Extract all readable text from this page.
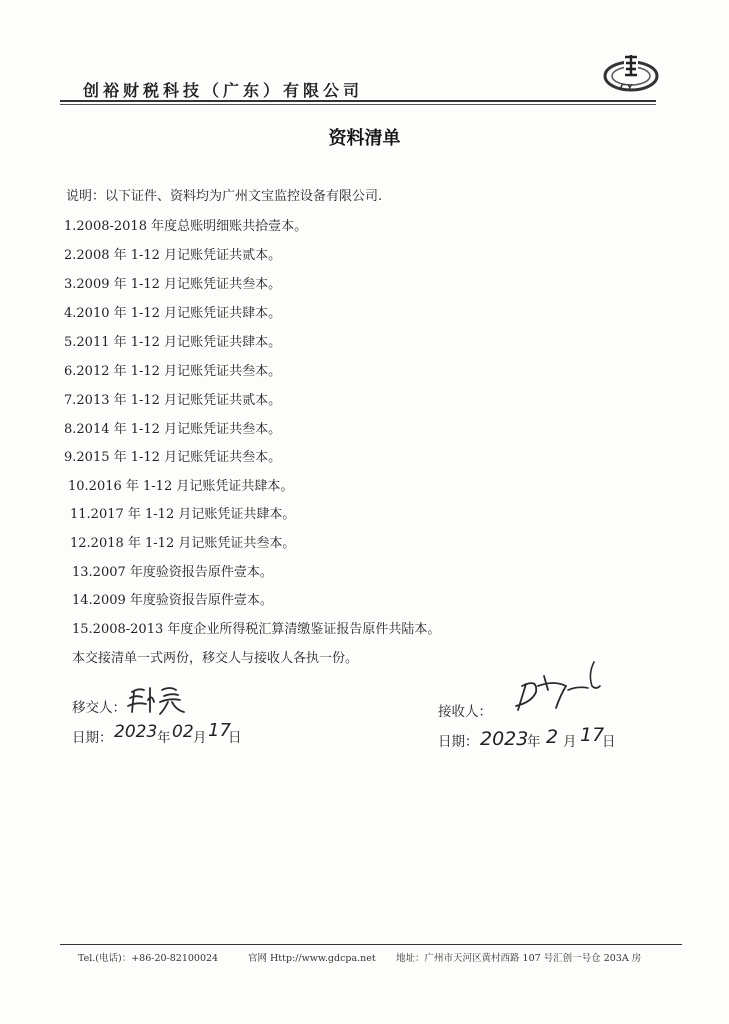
创裕财税科技（广东）有限公司	CY
资料清单
说明：以下证件、资料均为广州文宝监控设备有限公司.
1.2008-2018 年度总账明细账共拾壹本。
2.2008 年 1-12 月记账凭证共贰本。
3.2009 年 1-12 月记账凭证共叁本。
4.2010 年 1-12 月记账凭证共肆本。
5.2011 年 1-12 月记账凭证共肆本。
6.2012 年 1-12 月记账凭证共叁本。
7.2013 年 1-12 月记账凭证共贰本。
8.2014 年 1-12 月记账凭证共叁本。
9.2015 年 1-12 月记账凭证共叁本。
10.2016 年 1-12 月记账凭证共肆本。
11.2017 年 1-12 月记账凭证共肆本。
12.2018 年 1-12 月记账凭证共叁本。
13.2007 年度验资报告原件壹本。
14.2009 年度验资报告原件壹本。
15.2008-2013 年度企业所得税汇算清缴鉴证报告原件共陆本。
本交接清单一式两份，移交人与接收人各执一份。
移交人：
日期： 2023 年 02 月 17
日
接收人：
日期： 2023
年 2 月 17
日
Tel.(电话)：+86-20-82100024	官网 Http://www.gdcpa.net 地址：广州市天河区黄村西路 107 号汇创一号仓 203A 房
